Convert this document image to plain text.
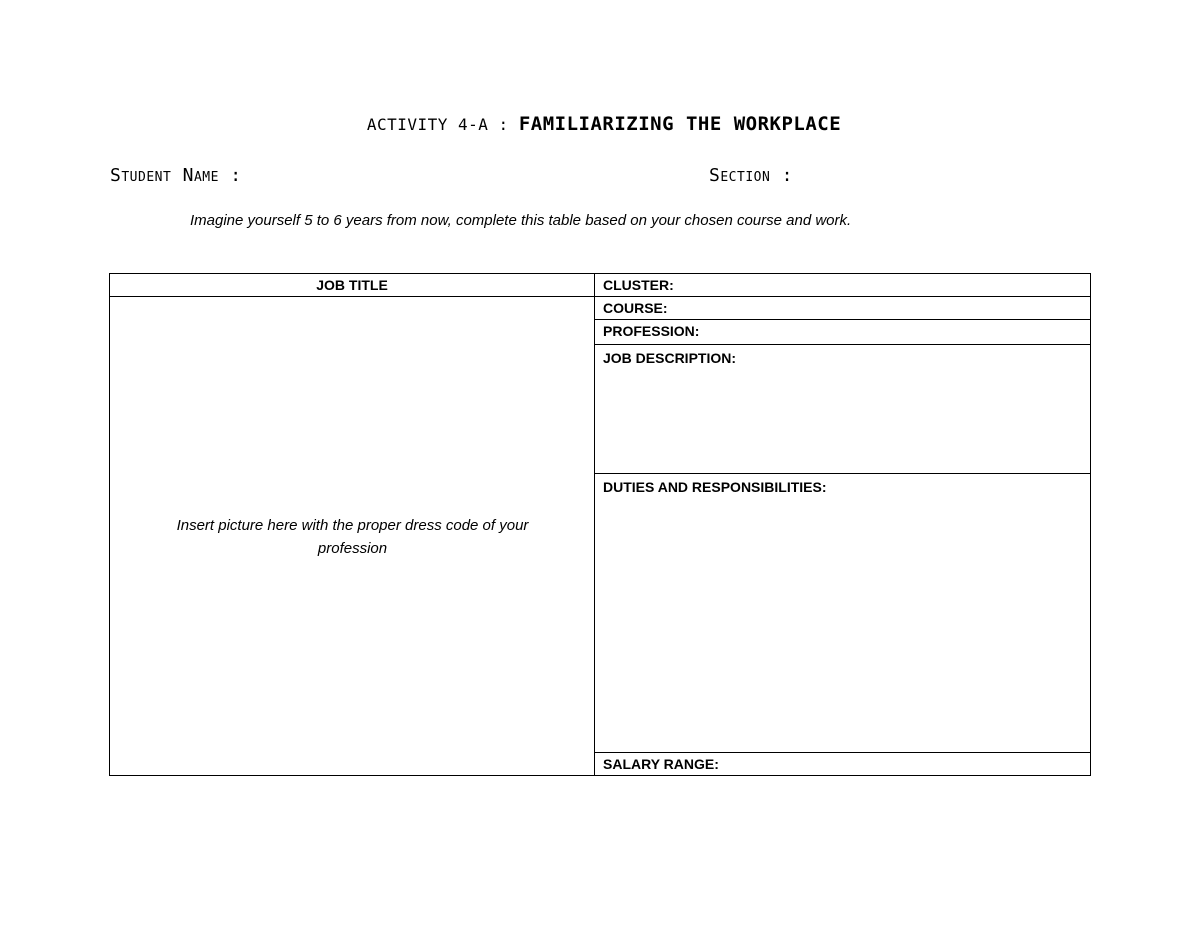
ACTIVITY 4-A : FAMILIARIZING THE WORKPLACE
Student Name :	Section :
Imagine yourself 5 to 6 years from now, complete this table based on your chosen course and work.
JOB TITLE
Insert picture here with the proper dress code of your profession
CLUSTER:
COURSE:
PROFESSION:
JOB DESCRIPTION:
DUTIES AND RESPONSIBILITIES:
SALARY RANGE:
